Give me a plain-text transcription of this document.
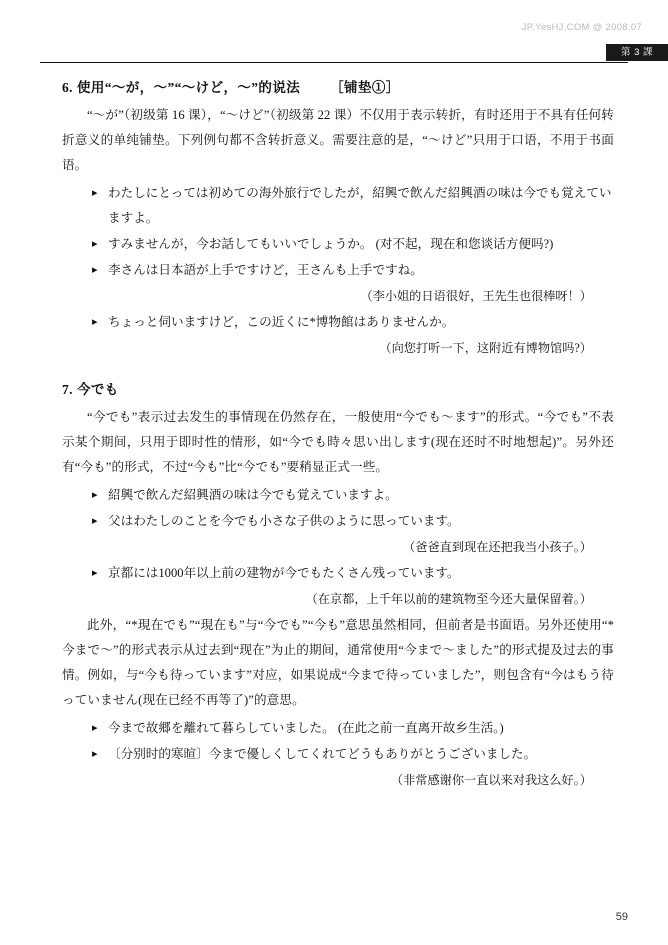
JP.YesHJ.COM @ 2008.07
第 3 課
6. 使用“～が，～”“～けど，～”的说法 ［铺垫①］

“～が”（初级第 16 课），“～けど”（初级第 22 课）不仅用于表示转折，有时还用于不具有任何转折意义的单纯铺垫。下列例句都不含转折意义。需要注意的是，“～けど”只用于口语，不用于书面语。

▸ わたしにとっては初めての海外旅行でしたが，紹興で飲んだ紹興酒の味は今でも覚えていますよ。
▸ すみませんが，今お話してもいいでしょうか。 (对不起，现在和您谈话方便吗?)
▸ 李さんは日本語が上手ですけど，王さんも上手ですね。

（李小姐的日语很好，王先生也很棒呀！）

▸ ちょっと伺いますけど，この近くに*博物館はありませんか。

（向您打听一下，这附近有博物馆吗?）

7. 今でも

“今でも”表示过去发生的事情现在仍然存在，一般使用“今でも～ます”的形式。“今でも”不表示某个期间，只用于即时性的情形，如“今でも時々思い出します(现在还时不时地想起)”。另外还有“今も”的形式，不过“今も”比“今でも”要稍显正式一些。

▸ 紹興で飲んだ紹興酒の味は今でも覚えていますよ。
▸ 父はわたしのことを今でも小さな子供のように思っています。

（爸爸直到现在还把我当小孩子。）

▸ 京都には1000年以上前の建物が今でもたくさん残っています。

（在京都，上千年以前的建筑物至今还大量保留着。）

此外，“*現在でも”“現在も”与“今でも”“今も”意思虽然相同，但前者是书面语。另外还使用“*今まで～”的形式表示从过去到“现在”为止的期间，通常使用“今まで～ました”的形式提及过去的事情。例如，与“今も待っています”对应，如果说成“今まで待っていました”，则包含有“今はもう待っていません(现在已经不再等了)”的意思。

▸ 今まで故郷を離れて暮らしていました。 (在此之前一直离开故乡生活。)
▸ 〔分别时的寒暄〕今まで優しくしてくれてどうもありがとうございました。

（非常感谢你一直以来对我这么好。）

59
